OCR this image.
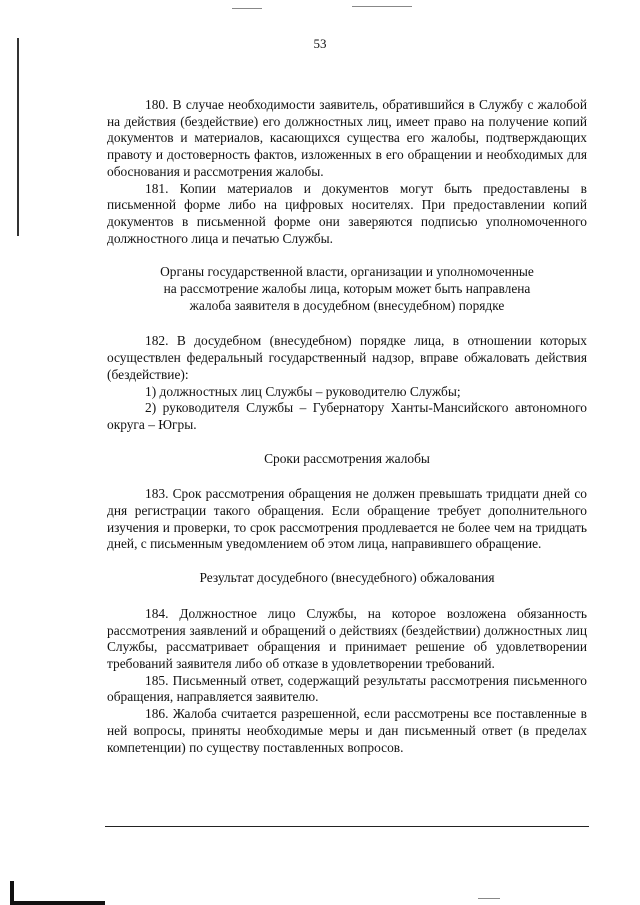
53

180. В случае необходимости заявитель, обратившийся в Службу с жалобой на действия (бездействие) его должностных лиц, имеет право на получение копий документов и материалов, касающихся существа его жалобы, подтверждающих правоту и достоверность фактов, изложенных в его обращении и необходимых для обоснования и рассмотрения жалобы.

181. Копии материалов и документов могут быть предоставлены в письменной форме либо на цифровых носителях. При предоставлении копий документов в письменной форме они заверяются подписью уполномоченного должностного лица и печатью Службы.

Органы государственной власти, организации и уполномоченные
на рассмотрение жалобы лица, которым может быть направлена
жалоба заявителя в досудебном (внесудебном) порядке

182. В досудебном (внесудебном) порядке лица, в отношении которых осуществлен федеральный государственный надзор, вправе обжаловать действия (бездействие):

1) должностных лиц Службы – руководителю Службы;

2) руководителя Службы – Губернатору Ханты-Мансийского автономного округа – Югры.

Сроки рассмотрения жалобы

183. Срок рассмотрения обращения не должен превышать тридцати дней со дня регистрации такого обращения. Если обращение требует дополнительного изучения и проверки, то срок рассмотрения продлевается не более чем на тридцать дней, с письменным уведомлением об этом лица, направившего обращение.

Результат досудебного (внесудебного) обжалования

184. Должностное лицо Службы, на которое возложена обязанность рассмотрения заявлений и обращений о действиях (бездействии) должностных лиц Службы, рассматривает обращения и принимает решение об удовлетворении требований заявителя либо об отказе в удовлетворении требований.

185. Письменный ответ, содержащий результаты рассмотрения письменного обращения, направляется заявителю.

186. Жалоба считается разрешенной, если рассмотрены все поставленные в ней вопросы, приняты необходимые меры и дан письменный ответ (в пределах компетенции) по существу поставленных вопросов.
